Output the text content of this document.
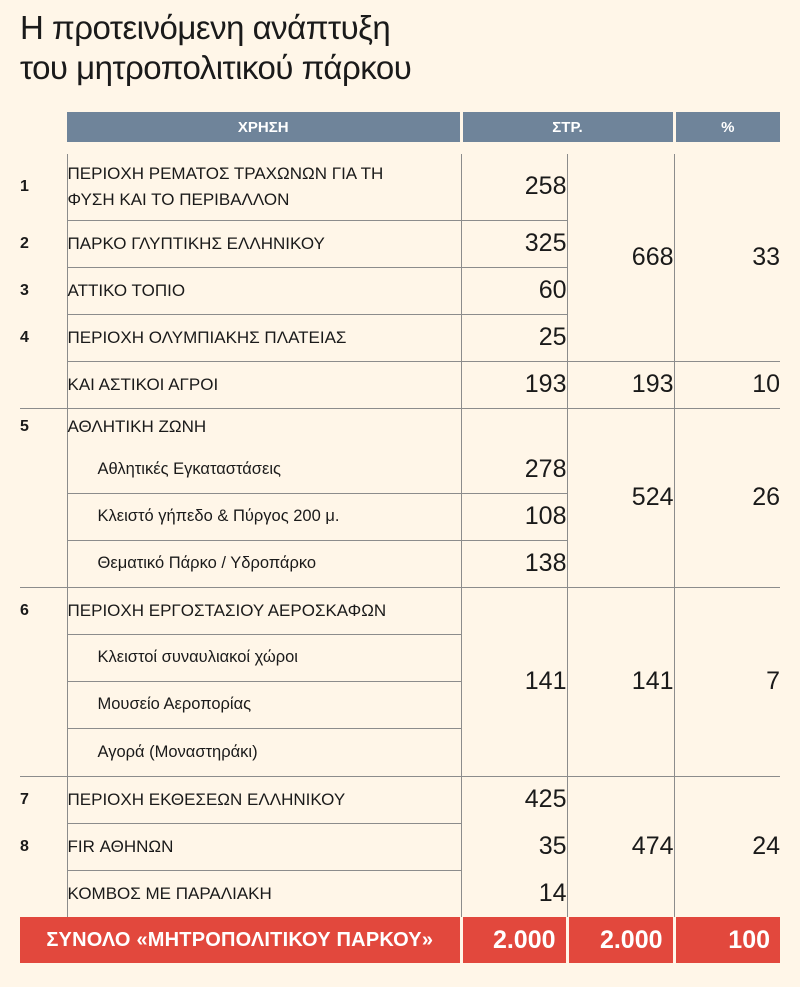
Η προτεινόμενη ανάπτυξη
του μητροπολιτικού πάρκου
	ΧΡΗΣΗ	ΣΤΡ.		%

1	ΠΕΡΙΟΧΗ ΡΕΜΑΤΟΣ ΤΡΑΧΩΝΩΝ ΓΙΑ ΤΗ
ΦΥΣΗ ΚΑΙ ΤΟ ΠΕΡΙΒΑΛΛΟΝ	258	668	33
2	ΠΑΡΚΟ ΓΛΥΠΤΙΚΗΣ ΕΛΛΗΝΙΚΟΥ	325		
3	ΑΤΤΙΚΟ ΤΟΠΙΟ	60		
4	ΠΕΡΙΟΧΗ ΟΛΥΜΠΙΑΚΗΣ ΠΛΑΤΕΙΑΣ	25		
	ΚΑΙ ΑΣΤΙΚΟΙ ΑΓΡΟΙ	193	193	10
5	ΑΘΛΗΤΙΚΗ ΖΩΝΗ		524	26
	Αθλητικές Εγκαταστάσεις	278		
	Κλειστό γήπεδο & Πύργος 200 μ.	108		
	Θεματικό Πάρκο / Υδροπάρκο	138		
6	ΠΕΡΙΟΧΗ ΕΡΓΟΣΤΑΣΙΟΥ ΑΕΡΟΣΚΑΦΩΝ	141	141	7
	Κλειστοί συναυλιακοί χώροι			
	Μουσείο Αεροπορίας			
	Αγορά (Μοναστηράκι)			
7	ΠΕΡΙΟΧΗ ΕΚΘΕΣΕΩΝ ΕΛΛΗΝΙΚΟΥ	425	474	24
8	FIR ΑΘΗΝΩΝ	35		
	ΚΟΜΒΟΣ ΜΕ ΠΑΡΑΛΙΑΚΗ	14		
ΣΥΝΟΛΟ «ΜΗΤΡΟΠΟΛΙΤΙΚΟΥ ΠΑΡΚΟΥ»		2.000	2.000	100
